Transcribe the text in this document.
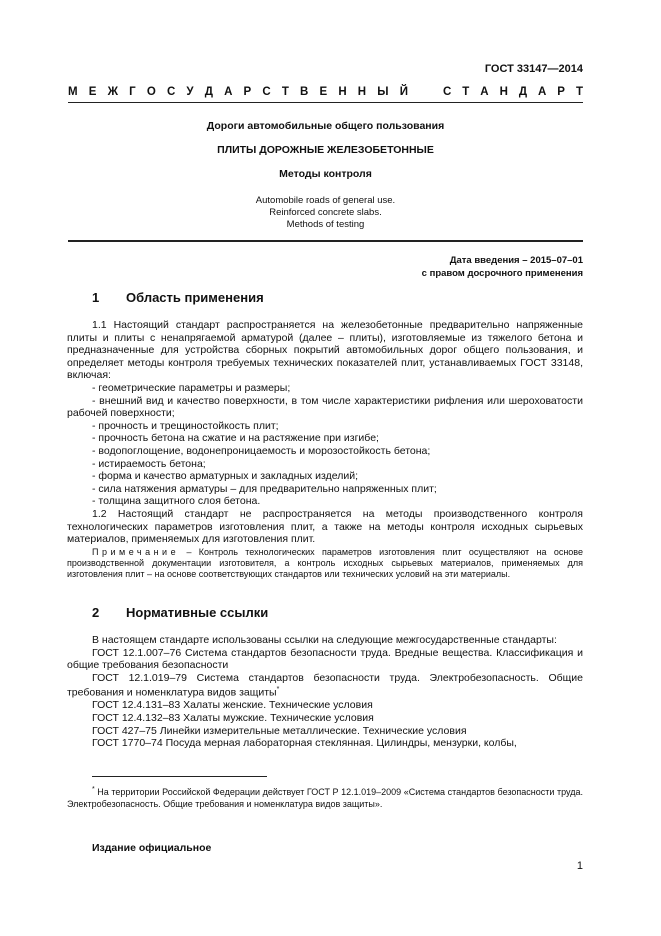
ГОСТ 33147—2014
М Е Ж Г О С У Д А Р С Т В Е Н Н Ы Й	С Т А Н Д А Р Т
Дороги автомобильные общего пользования
ПЛИТЫ ДОРОЖНЫЕ ЖЕЛЕЗОБЕТОННЫЕ
Методы контроля
Automobile roads of general use.
Reinforced concrete slabs.
Methods of testing
Дата введения – 2015–07–01
с правом досрочного применения
1 Область применения

1.1 Настоящий стандарт распространяется на железобетонные предварительно напряженные плиты и плиты с ненапрягаемой арматурой (далее – плиты), изготовляемые из тяжелого бетона и предназначенные для устройства сборных покрытий автомобильных дорог общего пользования, и определяет методы контроля требуемых технических показателей плит, устанавливаемых ГОСТ 33148, включая:

- геометрические параметры и размеры;

- внешний вид и качество поверхности, в том числе характеристики рифления или шероховатости рабочей поверхности;

- прочность и трещиностойкость плит;

- прочность бетона на сжатие и на растяжение при изгибе;

- водопоглощение, водонепроницаемость и морозостойкость бетона;

- истираемость бетона;

- форма и качество арматурных и закладных изделий;

- сила натяжения арматуры – для предварительно напряженных плит;

- толщина защитного слоя бетона.

1.2 Настоящий стандарт не распространяется на методы производственного контроля технологических параметров изготовления плит, а также на методы контроля исходных сырьевых материалов, применяемых для изготовления плит.

Примечание – Контроль технологических параметров изготовления плит осуществляют на основе производственной документации изготовителя, а контроль исходных сырьевых материалов, применяемых для изготовления плит – на основе соответствующих стандартов или технических условий на эти материалы.

2 Нормативные ссылки

В настоящем стандарте использованы ссылки на следующие межгосударственные стандарты:

ГОСТ 12.1.007–76 Система стандартов безопасности труда. Вредные вещества. Классификация и общие требования безопасности

ГОСТ 12.1.019–79 Система стандартов безопасности труда. Электробезопасность. Общие требования и номенклатура видов защиты*

ГОСТ 12.4.131–83 Халаты женские. Технические условия

ГОСТ 12.4.132–83 Халаты мужские. Технические условия

ГОСТ 427–75 Линейки измерительные металлические. Технические условия

ГОСТ 1770–74 Посуда мерная лабораторная стеклянная. Цилиндры, мензурки, колбы,

* На территории Российской Федерации действует ГОСТ Р 12.1.019–2009 «Система стандартов безопасности труда. Электробезопасность. Общие требования и номенклатура видов защиты».

Издание официальное
1
